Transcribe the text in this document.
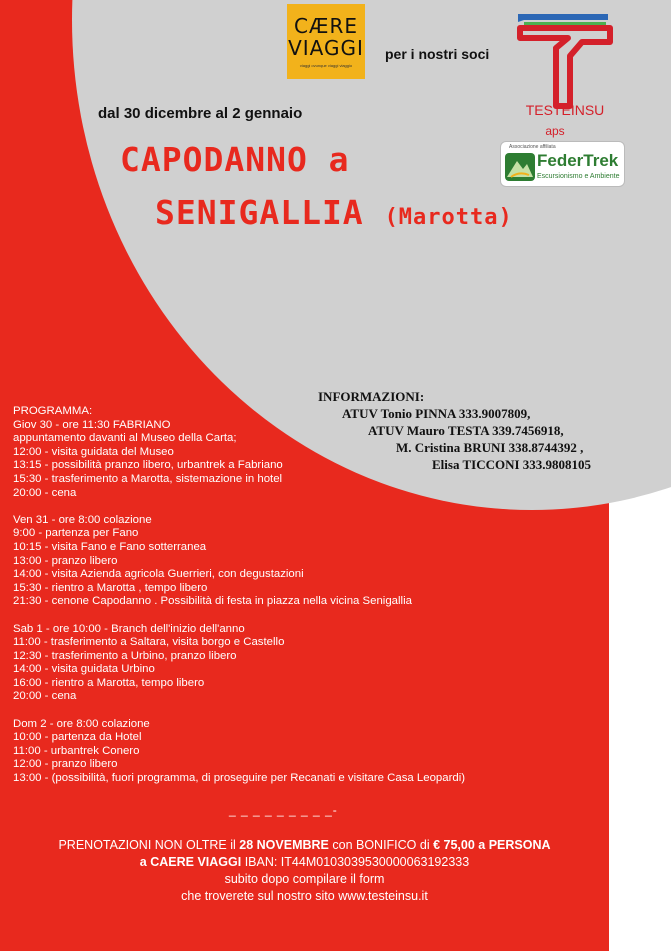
CÆRE
VIAGGI
viaggi ovunque viaggi viaggio
per i nostri soci
TESTEINSU
aps
Associazione affiliata
FederTrek
Escursionismo e Ambiente
dal 30 dicembre al 2 gennaio
CAPODANNO a
SENIGALLIA (Marotta)
INFORMAZIONI:
ATUV Tonio PINNA 333.9007809,
ATUV Mauro TESTA 339.7456918,
M. Cristina BRUNI 338.8744392 ,
Elisa TICCONI 333.9808105
PROGRAMMA:
Giov 30 - ore 11:30 FABRIANO
appuntamento davanti al Museo della Carta;
12:00 - visita guidata del Museo
13:15 - possibilità pranzo libero, urbantrek a Fabriano
15:30 - trasferimento a Marotta, sistemazione in hotel
20:00 - cena
Ven 31 - ore 8:00 colazione
9:00 - partenza per Fano
10:15 - visita Fano e Fano sotterranea
13:00 - pranzo libero
14:00 - visita Azienda agricola Guerrieri, con degustazioni
15:30 - rientro a Marotta , tempo libero
21:30 - cenone Capodanno . Possibilità di festa in piazza nella vicina Senigallia
Sab 1 - ore 10:00 - Branch dell'inizio dell'anno
11:00 - trasferimento a Saltara, visita borgo e Castello
12:30 - trasferimento a Urbino, pranzo libero
14:00 - visita guidata Urbino
16:00 - rientro a Marotta, tempo libero
20:00 - cena
Dom 2 - ore 8:00 colazione
10:00 - partenza da Hotel
11:00 - urbantrek Conero
12:00 - pranzo libero
13:00 - (possibilità, fuori programma, di proseguire per Recanati e visitare Casa Leopardi)
_ _ _ _ _ _ _ _ _-
PRENOTAZIONI NON OLTRE il 28 NOVEMBRE con BONIFICO di € 75,00 a PERSONA
a CAERE VIAGGI IBAN: IT44M0103039530000063192333
subito dopo compilare il form
che troverete sul nostro sito www.testeinsu.it
